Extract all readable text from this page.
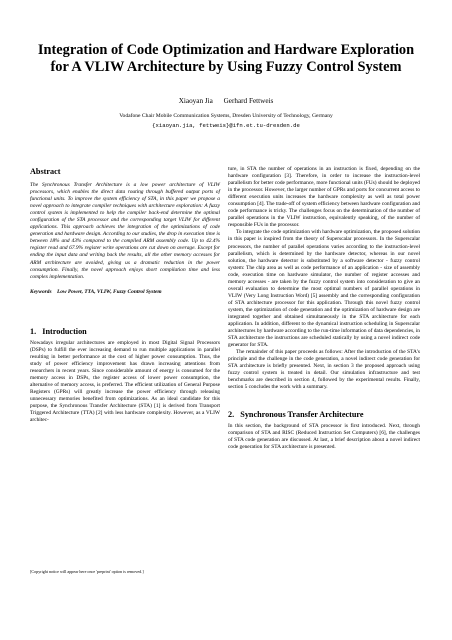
Integration of Code Optimization and Hardware Exploration for A VLIW Architecture by Using Fuzzy Control System
Xiaoyan Jia      Gerhard Fettweis
Vodafone Chair Mobile Communication Systems, Dresden University of Technology, Germany
{xiaoyan.jia, fettweis}@ifn.et.tu-dresden.de
Abstract

The Synchronous Transfer Architecture is a low power architecture of VLIW processors, which enables the direct data routing through buffered output ports of functional units. To improve the system efficiency of STA, in this paper we propose a novel approach to integrate compiler techniques with architecture exploration: A fuzzy control system is implemented to help the compiler back-end determine the optimal configuration of the STA processor and the corresponding target VLIW for different applications. This approach achieves the integration of the optimizations of code generation and hardware design. According to our studies, the drop in execution time is between 18% and 43% compared to the compiled ARM assembly code. Up to 42.4% register read and 67.9% register write operations are cut down on average. Except for ending the input data and writing back the results, all the other memory accesses for ARM architecture are avoided, giving us a dramatic reduction in the power consumption. Finally, the novel approach enjoys short compilation time and less complex implementation.

Keywords    Low Power, TTA, VLIW, Fuzzy Control System
1.   Introduction

Nowadays irregular architectures are employed in most Digital Signal Processors (DSPs) to fulfill the ever increasing demand to run multiple applications in parallel resulting in better performance at the cost of higher power consumption. Thus, the study of power efficiency improvement has drawn increasing attentions from researchers in recent years. Since considerable amount of energy is consumed for the memory access in DSPs, the register access of lower power consumption, the alternative of memory access, is preferred. The efficient utilization of General Purpose Registers (GPRs) will greatly increase the power efficiency through releasing unnecessary memories benefited from optimizations. As an ideal candidate for this purpose, the Synchronous Transfer Architecture (STA) [1] is derived from Transport Triggered Architecture (TTA) [2] with less hardware complexity. However, as a VLIW architec-

[Copyright notice will appear here once 'preprint' option is removed.]

ture, in STA the number of operations in an instruction is fixed, depending on the hardware configuration [3]. Therefore, in order to increase the instruction-level parallelism for better code performance, more functional units (FUs) should be deployed in the processor. However, the larger number of GPRs and ports for concurrent access to different execution units increases the hardware complexity as well as total power consumption [4]. The trade-off of system efficiency between hardware configuration and code performance is tricky. The challenges focus on the determination of the number of parallel operations in the VLIW instruction, equivalently speaking, of the number of responsible FUs in the processor.

To integrate the code optimization with hardware optimization, the proposed solution in this paper is inspired from the theory of Superscalar processors. In the Superscalar processors, the number of parallel operations varies according to the instruction-level parallelism, which is determined by the hardware detector, whereas in our novel solution, the hardware detector is substituted by a software detector - fuzzy control system: The chip area as well as code performance of an application - size of assembly code, execution time on hardware simulator, the number of register accesses and memory accesses - are taken by the fuzzy control system into consideration to give an overall evaluation to determine the most optimal numbers of parallel operations in VLIW (Very Long Instruction Word) [5] assembly and the corresponding configuration of STA architecture processor for this application. Through this novel fuzzy control system, the optimization of code generation and the optimization of hardware design are integrated together and obtained simultaneously in the STA architecture for each application. In addition, different to the dynamical instruction scheduling in Superscalar architectures by hardware according to the run-time information of data dependencies, in STA architecture the instructions are scheduled statically by using a novel indirect code generator for STA.

The remainder of this paper proceeds as follows: After the introduction of the STA's principle and the challenge in the code generation, a novel indirect code generation for STA architecture is briefly presented. Next, in section 3 the proposed approach using fuzzy control system is treated in detail. Our simulation infrastructure and test benchmarks are described in section 4, followed by the experimental results. Finally, section 5 concludes the work with a summary.

2.   Synchronous Transfer Architecture

In this section, the background of STA processor is first introduced. Next, through comparison of STA and RISC (Reduced Instruction Set Computers) [6], the challenges of STA code generation are discussed. At last, a brief description about a novel indirect code generation for STA architecture is presented.
